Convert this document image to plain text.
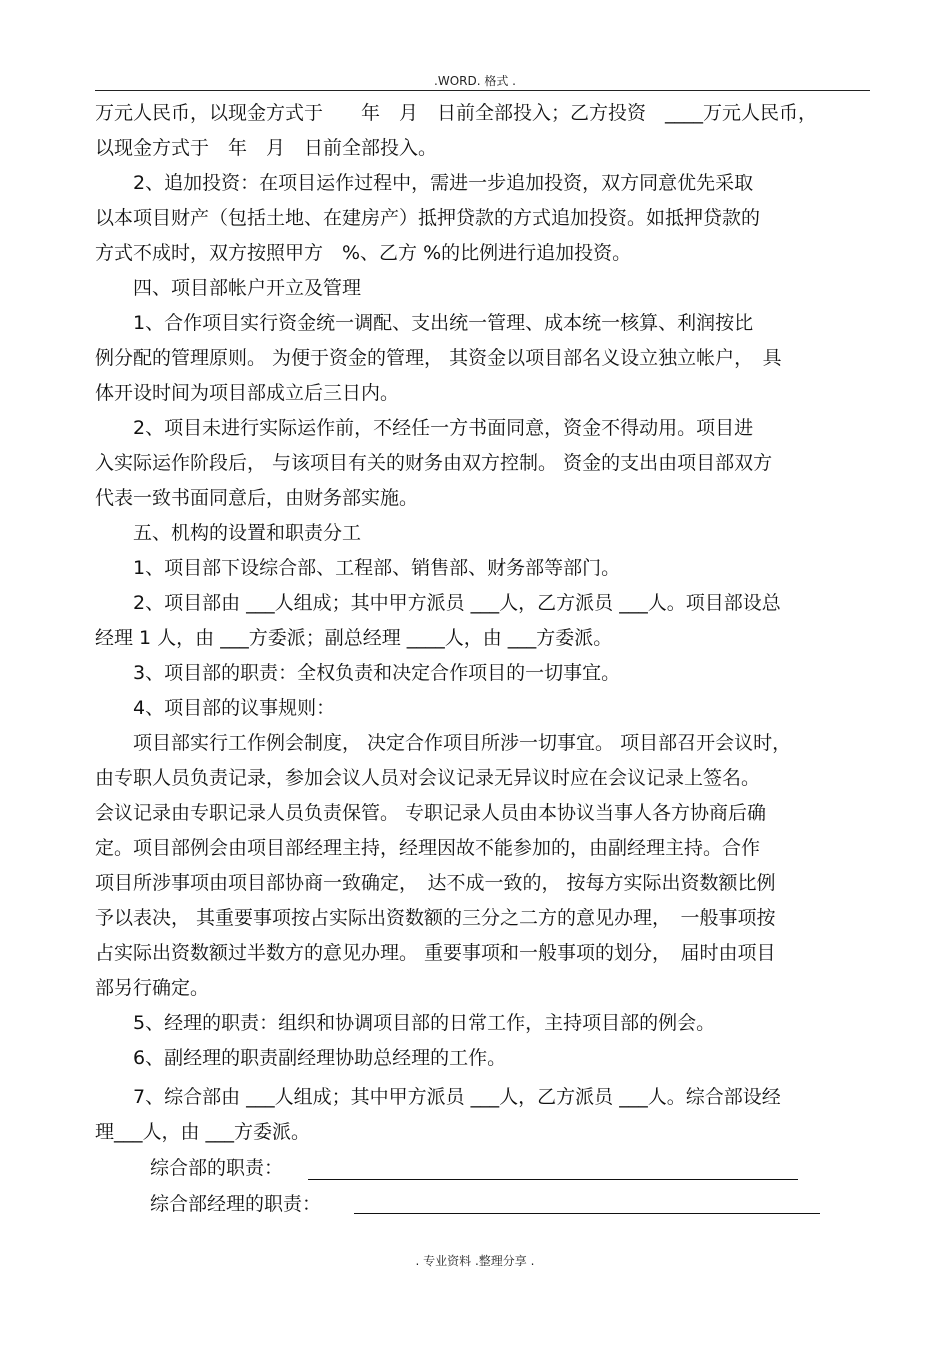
.WORD. 格式 .
万元人民币，以现金方式于　　年　月　日前全部投入；乙方投资　____万元人民币，
以现金方式于　年　月　日前全部投入。
　　2、追加投资：在项目运作过程中，需进一步追加投资，双方同意优先采取
以本项目财产（包括土地、在建房产）抵押贷款的方式追加投资。如抵押贷款的
方式不成时，双方按照甲方　%、乙方 %的比例进行追加投资。
　　四、项目部帐户开立及管理
　　1、合作项目实行资金统一调配、支出统一管理、成本统一核算、利润按比
例分配的管理原则。 为便于资金的管理， 其资金以项目部名义设立独立帐户，　具
体开设时间为项目部成立后三日内。
　　2、项目未进行实际运作前，不经任一方书面同意，资金不得动用。项目进
入实际运作阶段后， 与该项目有关的财务由双方控制。 资金的支出由项目部双方
代表一致书面同意后，由财务部实施。
　　五、机构的设置和职责分工
　　1、项目部下设综合部、工程部、销售部、财务部等部门。
　　2、项目部由 ___人组成；其中甲方派员 ___人，乙方派员 ___人。项目部设总
经理 1 人，由 ___方委派；副总经理 ____人，由 ___方委派。
　　3、项目部的职责：全权负责和决定合作项目的一切事宜。
　　4、项目部的议事规则：
　　项目部实行工作例会制度， 决定合作项目所涉一切事宜。 项目部召开会议时，
由专职人员负责记录，参加会议人员对会议记录无异议时应在会议记录上签名。
会议记录由专职记录人员负责保管。 专职记录人员由本协议当事人各方协商后确
定。项目部例会由项目部经理主持，经理因故不能参加的，由副经理主持。合作
项目所涉事项由项目部协商一致确定，　达不成一致的， 按每方实际出资数额比例
予以表决， 其重要事项按占实际出资数额的三分之二方的意见办理，　一般事项按
占实际出资数额过半数方的意见办理。 重要事项和一般事项的划分，　届时由项目
部另行确定。
　　5、经理的职责：组织和协调项目部的日常工作，主持项目部的例会。
　　6、副经理的职责副经理协助总经理的工作。
　　7、综合部由 ___人组成；其中甲方派员 ___人，乙方派员 ___人。综合部设经
理___人，由 ___方委派。
综合部的职责：
综合部经理的职责：
. 专业资料 .整理分享 .
